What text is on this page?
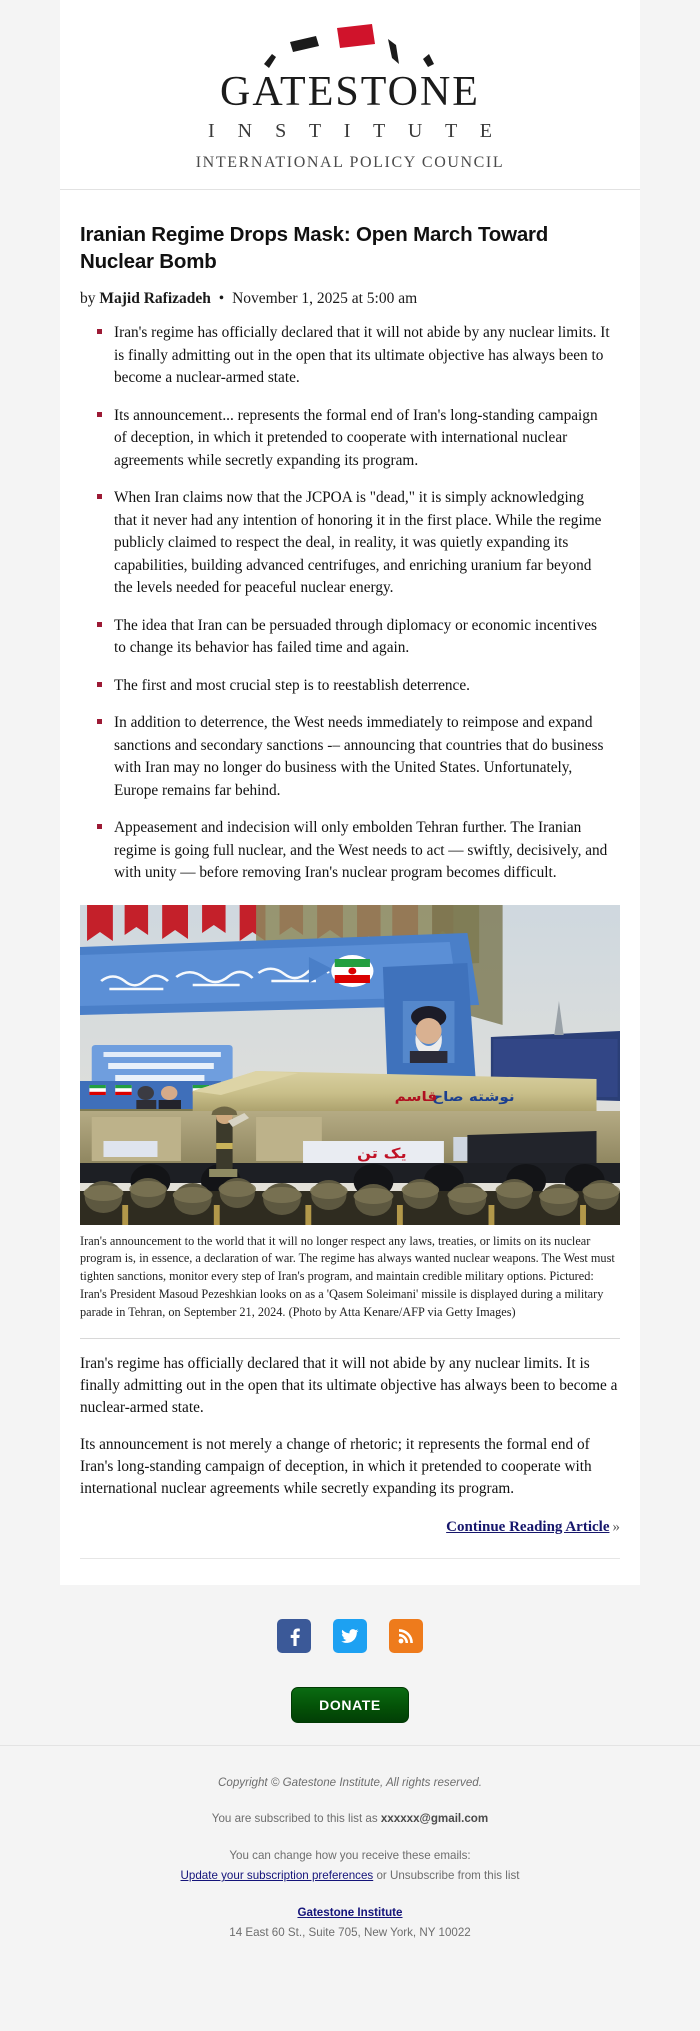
GATESTONE
I N S T I T U T E
INTERNATIONAL POLICY COUNCIL
Iranian Regime Drops Mask: Open March Toward Nuclear Bomb
by Majid Rafizadeh • November 1, 2025 at 5:00 am
Iran's regime has officially declared that it will not abide by any nuclear limits. It is finally admitting out in the open that its ultimate objective has always been to become a nuclear-armed state.
Its announcement... represents the formal end of Iran's long-standing campaign of deception, in which it pretended to cooperate with international nuclear agreements while secretly expanding its program.
When Iran claims now that the JCPOA is "dead," it is simply acknowledging that it never had any intention of honoring it in the first place. While the regime publicly claimed to respect the deal, in reality, it was quietly expanding its capabilities, building advanced centrifuges, and enriching uranium far beyond the levels needed for peaceful nuclear energy.
The idea that Iran can be persuaded through diplomacy or economic incentives to change its behavior has failed time and again.
The first and most crucial step is to reestablish deterrence.
In addition to deterrence, the West needs immediately to reimpose and expand sanctions and secondary sanctions -– announcing that countries that do business with Iran may no longer do business with the United States. Unfortunately, Europe remains far behind.
Appeasement and indecision will only embolden Tehran further. The Iranian regime is going full nuclear, and the West needs to act — swiftly, decisively, and with unity — before removing Iran's nuclear program becomes difficult.
نوشته صاح
قاسم
یک تن
Iran's announcement to the world that it will no longer respect any laws, treaties, or limits on its nuclear program is, in essence, a declaration of war. The regime has always wanted nuclear weapons. The West must tighten sanctions, monitor every step of Iran's program, and maintain credible military options. Pictured: Iran's President Masoud Pezeshkian looks on as a 'Qasem Soleimani' missile is displayed during a military parade in Tehran, on September 21, 2024. (Photo by Atta Kenare/AFP via Getty Images)

Iran's regime has officially declared that it will not abide by any nuclear limits. It is finally admitting out in the open that its ultimate objective has always been to become a nuclear-armed state.

Its announcement is not merely a change of rhetoric; it represents the formal end of Iran's long-standing campaign of deception, in which it pretended to cooperate with international nuclear agreements while secretly expanding its program.

Continue Reading Article »
DONATE
Copyright © Gatestone Institute, All rights reserved.
You are subscribed to this list as xxxxxx@gmail.com
You can change how you receive these emails:
Update your subscription preferences or Unsubscribe from this list
Gatestone Institute
14 East 60 St., Suite 705, New York, NY 10022
